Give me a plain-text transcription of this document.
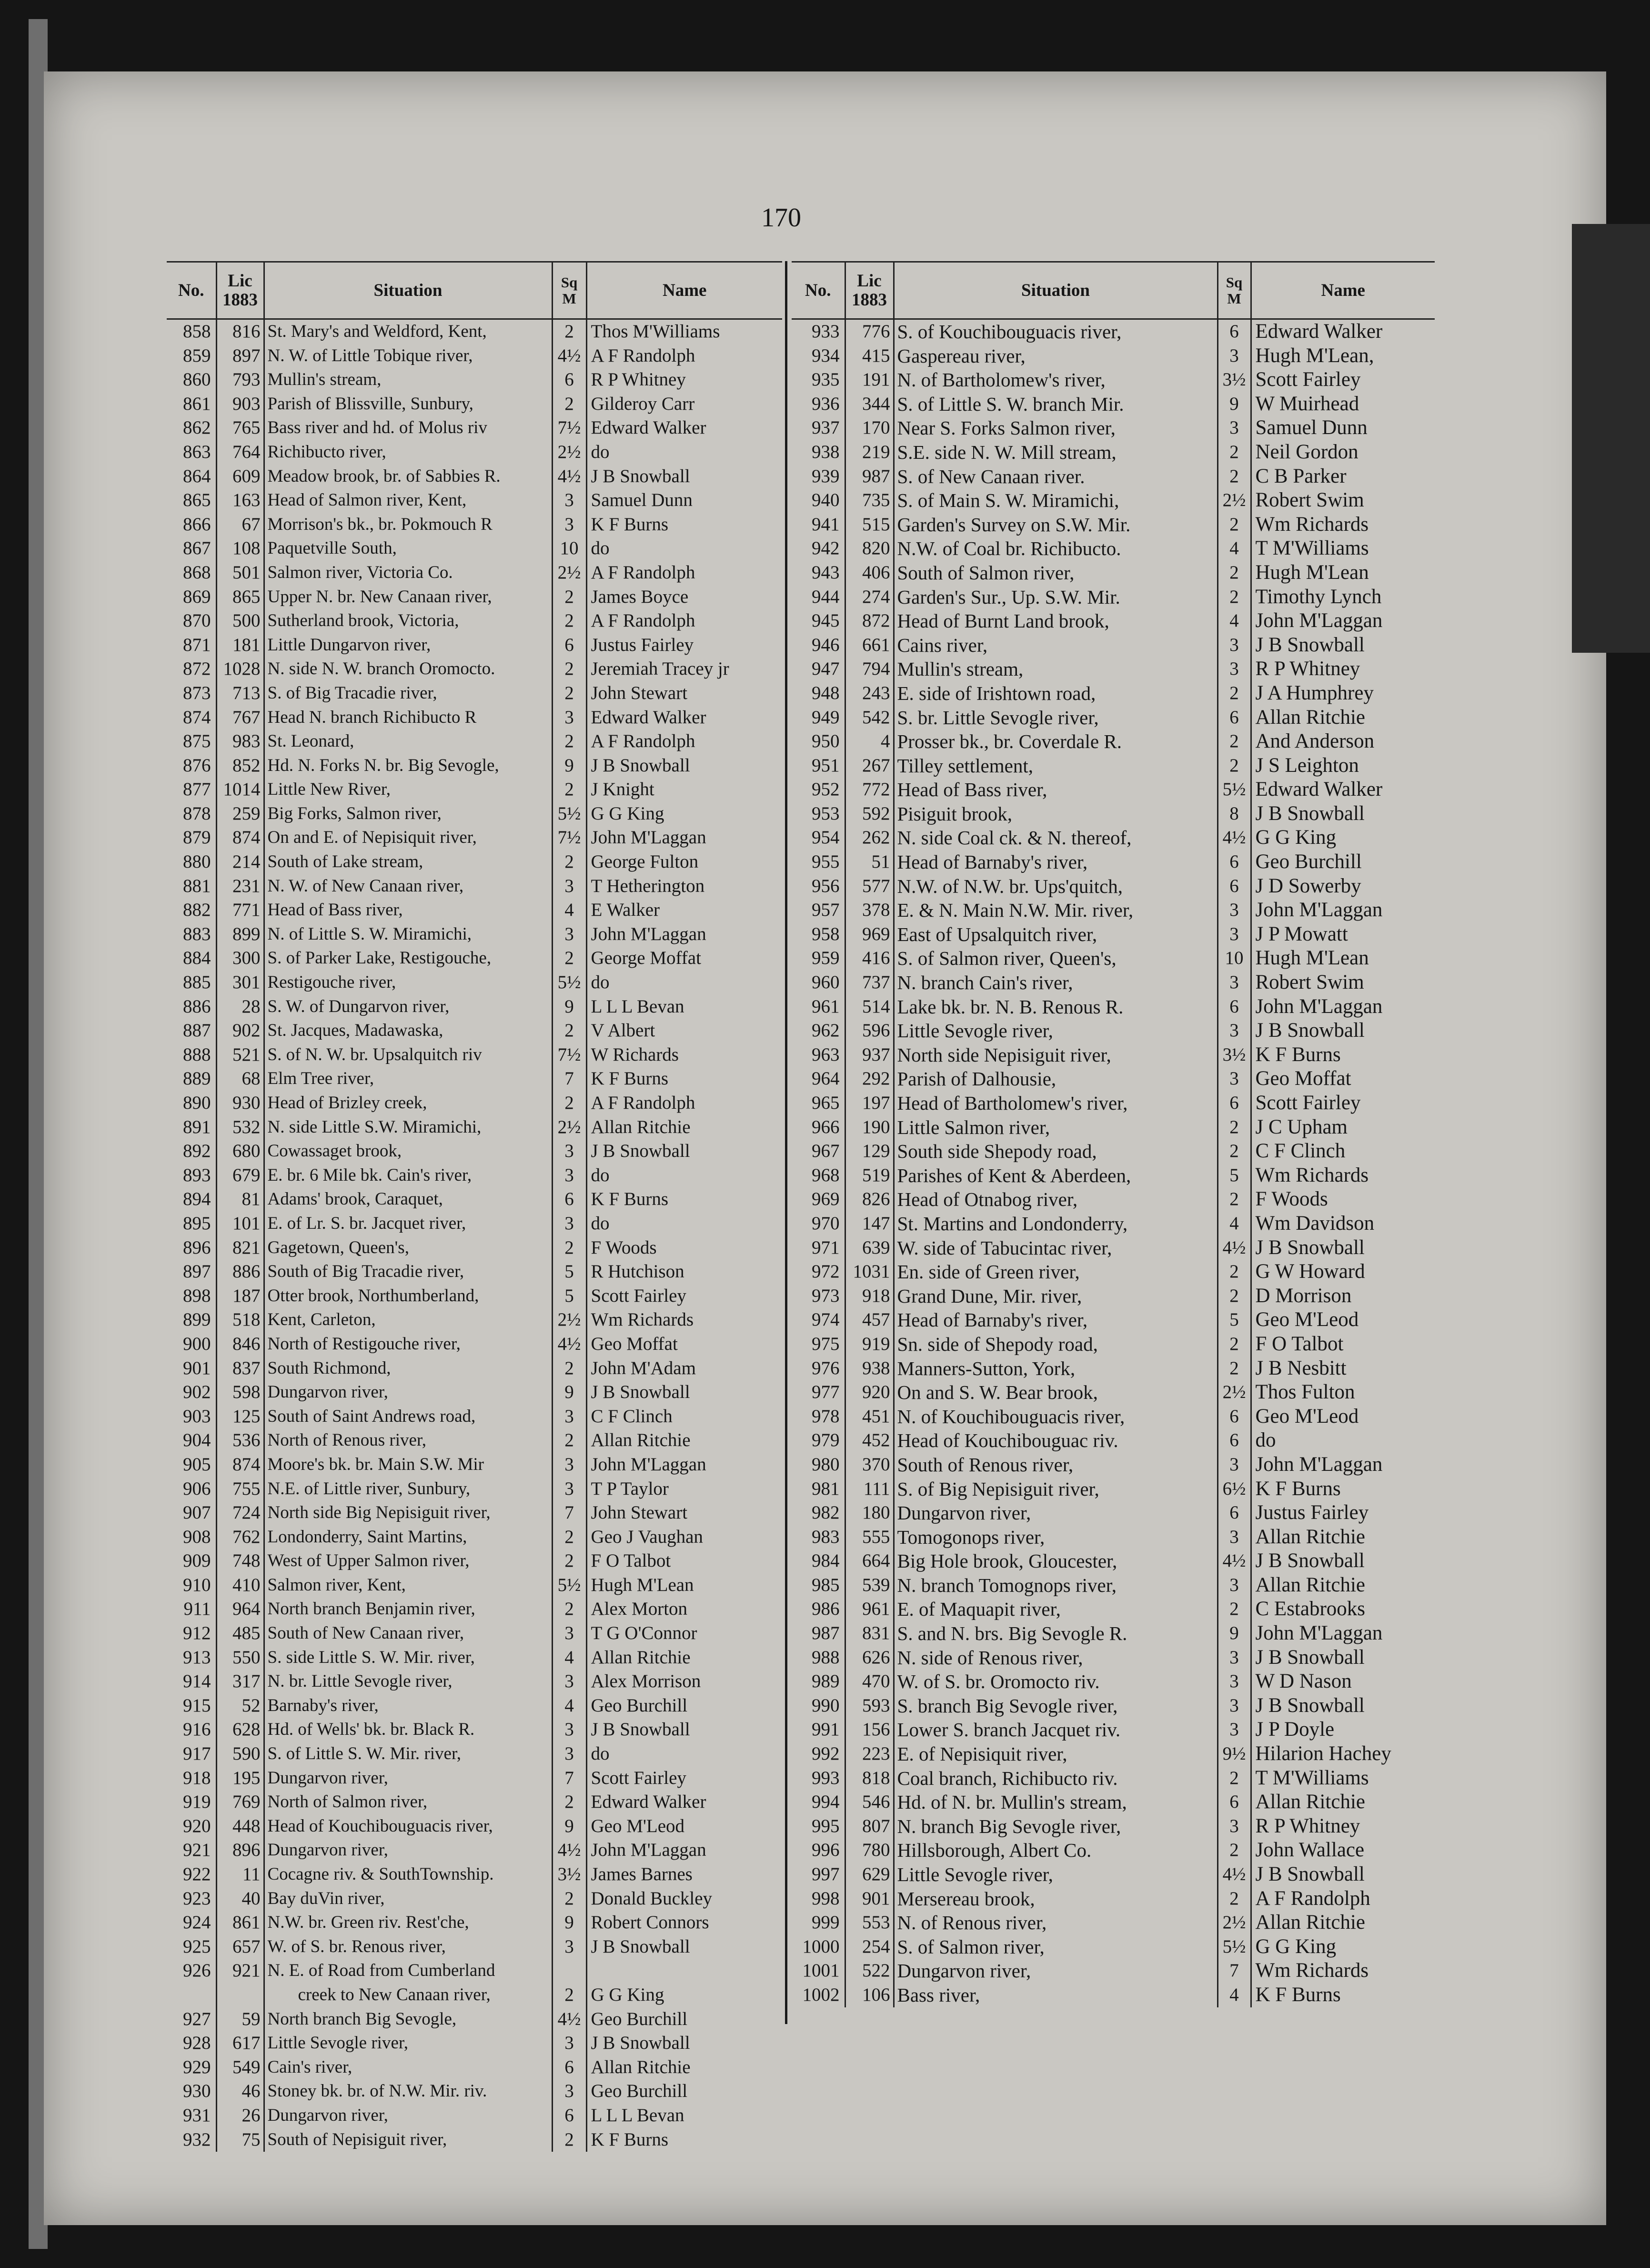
170
No.	Lic 1883	Situation	Sq M	Name
858	816	St. Mary's and Weldford, Kent,	2	Thos M'Williams
859	897	N. W. of Little Tobique river,	4½	A F Randolph
860	793	Mullin's stream,	6	R P Whitney
861	903	Parish of Blissville, Sunbury,	2	Gilderoy Carr
862	765	Bass river and hd. of Molus riv	7½	Edward Walker
863	764	Richibucto river,	2½	do
864	609	Meadow brook, br. of Sabbies R.	4½	J B Snowball
865	163	Head of Salmon river, Kent,	3	Samuel Dunn
866	67	Morrison's bk., br. Pokmouch R	3	K F Burns
867	108	Paquetville South,	10	do
868	501	Salmon river, Victoria Co.	2½	A F Randolph
869	865	Upper N. br. New Canaan river,	2	James Boyce
870	500	Sutherland brook, Victoria,	2	A F Randolph
871	181	Little Dungarvon river,	6	Justus Fairley
872	1028	N. side N. W. branch Oromocto.	2	Jeremiah Tracey jr
873	713	S. of Big Tracadie river,	2	John Stewart
874	767	Head N. branch Richibucto R	3	Edward Walker
875	983	St. Leonard,	2	A F Randolph
876	852	Hd. N. Forks N. br. Big Sevogle,	9	J B Snowball
877	1014	Little New River,	2	J Knight
878	259	Big Forks, Salmon river,	5½	G G King
879	874	On and E. of Nepisiquit river,	7½	John M'Laggan
880	214	South of Lake stream,	2	George Fulton
881	231	N. W. of New Canaan river,	3	T Hetherington
882	771	Head of Bass river,	4	E Walker
883	899	N. of Little S. W. Miramichi,	3	John M'Laggan
884	300	S. of Parker Lake, Restigouche,	2	George Moffat
885	301	Restigouche river,	5½	do
886	28	S. W. of Dungarvon river,	9	L L L Bevan
887	902	St. Jacques, Madawaska,	2	V Albert
888	521	S. of N. W. br. Upsalquitch riv	7½	W Richards
889	68	Elm Tree river,	7	K F Burns
890	930	Head of Brizley creek,	2	A F Randolph
891	532	N. side Little S.W. Miramichi,	2½	Allan Ritchie
892	680	Cowassaget brook,	3	J B Snowball
893	679	E. br. 6 Mile bk. Cain's river,	3	do
894	81	Adams' brook, Caraquet,	6	K F Burns
895	101	E. of Lr. S. br. Jacquet river,	3	do
896	821	Gagetown, Queen's,	2	F Woods
897	886	South of Big Tracadie river,	5	R Hutchison
898	187	Otter brook, Northumberland,	5	Scott Fairley
899	518	Kent, Carleton,	2½	Wm Richards
900	846	North of Restigouche river,	4½	Geo Moffat
901	837	South Richmond,	2	John M'Adam
902	598	Dungarvon river,	9	J B Snowball
903	125	South of Saint Andrews road,	3	C F Clinch
904	536	North of Renous river,	2	Allan Ritchie
905	874	Moore's bk. br. Main S.W. Mir	3	John M'Laggan
906	755	N.E. of Little river, Sunbury,	3	T P Taylor
907	724	North side Big Nepisiguit river,	7	John Stewart
908	762	Londonderry, Saint Martins,	2	Geo J Vaughan
909	748	West of Upper Salmon river,	2	F O Talbot
910	410	Salmon river, Kent,	5½	Hugh M'Lean
911	964	North branch Benjamin river,	2	Alex Morton
912	485	South of New Canaan river,	3	T G O'Connor
913	550	S. side Little S. W. Mir. river,	4	Allan Ritchie
914	317	N. br. Little Sevogle river,	3	Alex Morrison
915	52	Barnaby's river,	4	Geo Burchill
916	628	Hd. of Wells' bk. br. Black R.	3	J B Snowball
917	590	S. of Little S. W. Mir. river,	3	do
918	195	Dungarvon river,	7	Scott Fairley
919	769	North of Salmon river,	2	Edward Walker
920	448	Head of Kouchibouguacis river,	9	Geo M'Leod
921	896	Dungarvon river,	4½	John M'Laggan
922	11	Cocagne riv. & SouthTownship.	3½	James Barnes
923	40	Bay duVin river,	2	Donald Buckley
924	861	N.W. br. Green riv. Rest'che,	9	Robert Connors
925	657	W. of S. br. Renous river,	3	J B Snowball
926	921	N. E. of Road from Cumberland		
		creek to New Canaan river,	2	G G King
927	59	North branch Big Sevogle,	4½	Geo Burchill
928	617	Little Sevogle river,	3	J B Snowball
929	549	Cain's river,	6	Allan Ritchie
930	46	Stoney bk. br. of N.W. Mir. riv.	3	Geo Burchill
931	26	Dungarvon river,	6	L L L Bevan
932	75	South of Nepisiguit river,	2	K F Burns
No.	Lic 1883	Situation	Sq M	Name
933	776	S. of Kouchibouguacis river,	6	Edward Walker
934	415	Gaspereau river,	3	Hugh M'Lean,
935	191	N. of Bartholomew's river,	3½	Scott Fairley
936	344	S. of Little S. W. branch Mir.	9	W Muirhead
937	170	Near S. Forks Salmon river,	3	Samuel Dunn
938	219	S.E. side N. W. Mill stream,	2	Neil Gordon
939	987	S. of New Canaan river.	2	C B Parker
940	735	S. of Main S. W. Miramichi,	2½	Robert Swim
941	515	Garden's Survey on S.W. Mir.	2	Wm Richards
942	820	N.W. of Coal br. Richibucto.	4	T M'Williams
943	406	South of Salmon river,	2	Hugh M'Lean
944	274	Garden's Sur., Up. S.W. Mir.	2	Timothy Lynch
945	872	Head of Burnt Land brook,	4	John M'Laggan
946	661	Cains river,	3	J B Snowball
947	794	Mullin's stream,	3	R P Whitney
948	243	E. side of Irishtown road,	2	J A Humphrey
949	542	S. br. Little Sevogle river,	6	Allan Ritchie
950	4	Prosser bk., br. Coverdale R.	2	And Anderson
951	267	Tilley settlement,	2	J S Leighton
952	772	Head of Bass river,	5½	Edward Walker
953	592	Pisiguit brook,	8	J B Snowball
954	262	N. side Coal ck. & N. thereof,	4½	G G King
955	51	Head of Barnaby's river,	6	Geo Burchill
956	577	N.W. of N.W. br. Ups'quitch,	6	J D Sowerby
957	378	E. & N. Main N.W. Mir. river,	3	John M'Laggan
958	969	East of Upsalquitch river,	3	J P Mowatt
959	416	S. of Salmon river, Queen's,	10	Hugh M'Lean
960	737	N. branch Cain's river,	3	Robert Swim
961	514	Lake bk. br. N. B. Renous R.	6	John M'Laggan
962	596	Little Sevogle river,	3	J B Snowball
963	937	North side Nepisiguit river,	3½	K F Burns
964	292	Parish of Dalhousie,	3	Geo Moffat
965	197	Head of Bartholomew's river,	6	Scott Fairley
966	190	Little Salmon river,	2	J C Upham
967	129	South side Shepody road,	2	C F Clinch
968	519	Parishes of Kent & Aberdeen,	5	Wm Richards
969	826	Head of Otnabog river,	2	F Woods
970	147	St. Martins and Londonderry,	4	Wm Davidson
971	639	W. side of Tabucintac river,	4½	J B Snowball
972	1031	En. side of Green river,	2	G W Howard
973	918	Grand Dune, Mir. river,	2	D Morrison
974	457	Head of Barnaby's river,	5	Geo M'Leod
975	919	Sn. side of Shepody road,	2	F O Talbot
976	938	Manners-Sutton, York,	2	J B Nesbitt
977	920	On and S. W. Bear brook,	2½	Thos Fulton
978	451	N. of Kouchibouguacis river,	6	Geo M'Leod
979	452	Head of Kouchibouguac riv.	6	do
980	370	South of Renous river,	3	John M'Laggan
981	111	S. of Big Nepisiguit river,	6½	K F Burns
982	180	Dungarvon river,	6	Justus Fairley
983	555	Tomogonops river,	3	Allan Ritchie
984	664	Big Hole brook, Gloucester,	4½	J B Snowball
985	539	N. branch Tomognops river,	3	Allan Ritchie
986	961	E. of Maquapit river,	2	C Estabrooks
987	831	S. and N. brs. Big Sevogle R.	9	John M'Laggan
988	626	N. side of Renous river,	3	J B Snowball
989	470	W. of S. br. Oromocto riv.	3	W D Nason
990	593	S. branch Big Sevogle river,	3	J B Snowball
991	156	Lower S. branch Jacquet riv.	3	J P Doyle
992	223	E. of Nepisiquit river,	9½	Hilarion Hachey
993	818	Coal branch, Richibucto riv.	2	T M'Williams
994	546	Hd. of N. br. Mullin's stream,	6	Allan Ritchie
995	807	N. branch Big Sevogle river,	3	R P Whitney
996	780	Hillsborough, Albert Co.	2	John Wallace
997	629	Little Sevogle river,	4½	J B Snowball
998	901	Mersereau brook,	2	A F Randolph
999	553	N. of Renous river,	2½	Allan Ritchie
1000	254	S. of Salmon river,	5½	G G King
1001	522	Dungarvon river,	7	Wm Richards
1002	106	Bass river,	4	K F Burns
